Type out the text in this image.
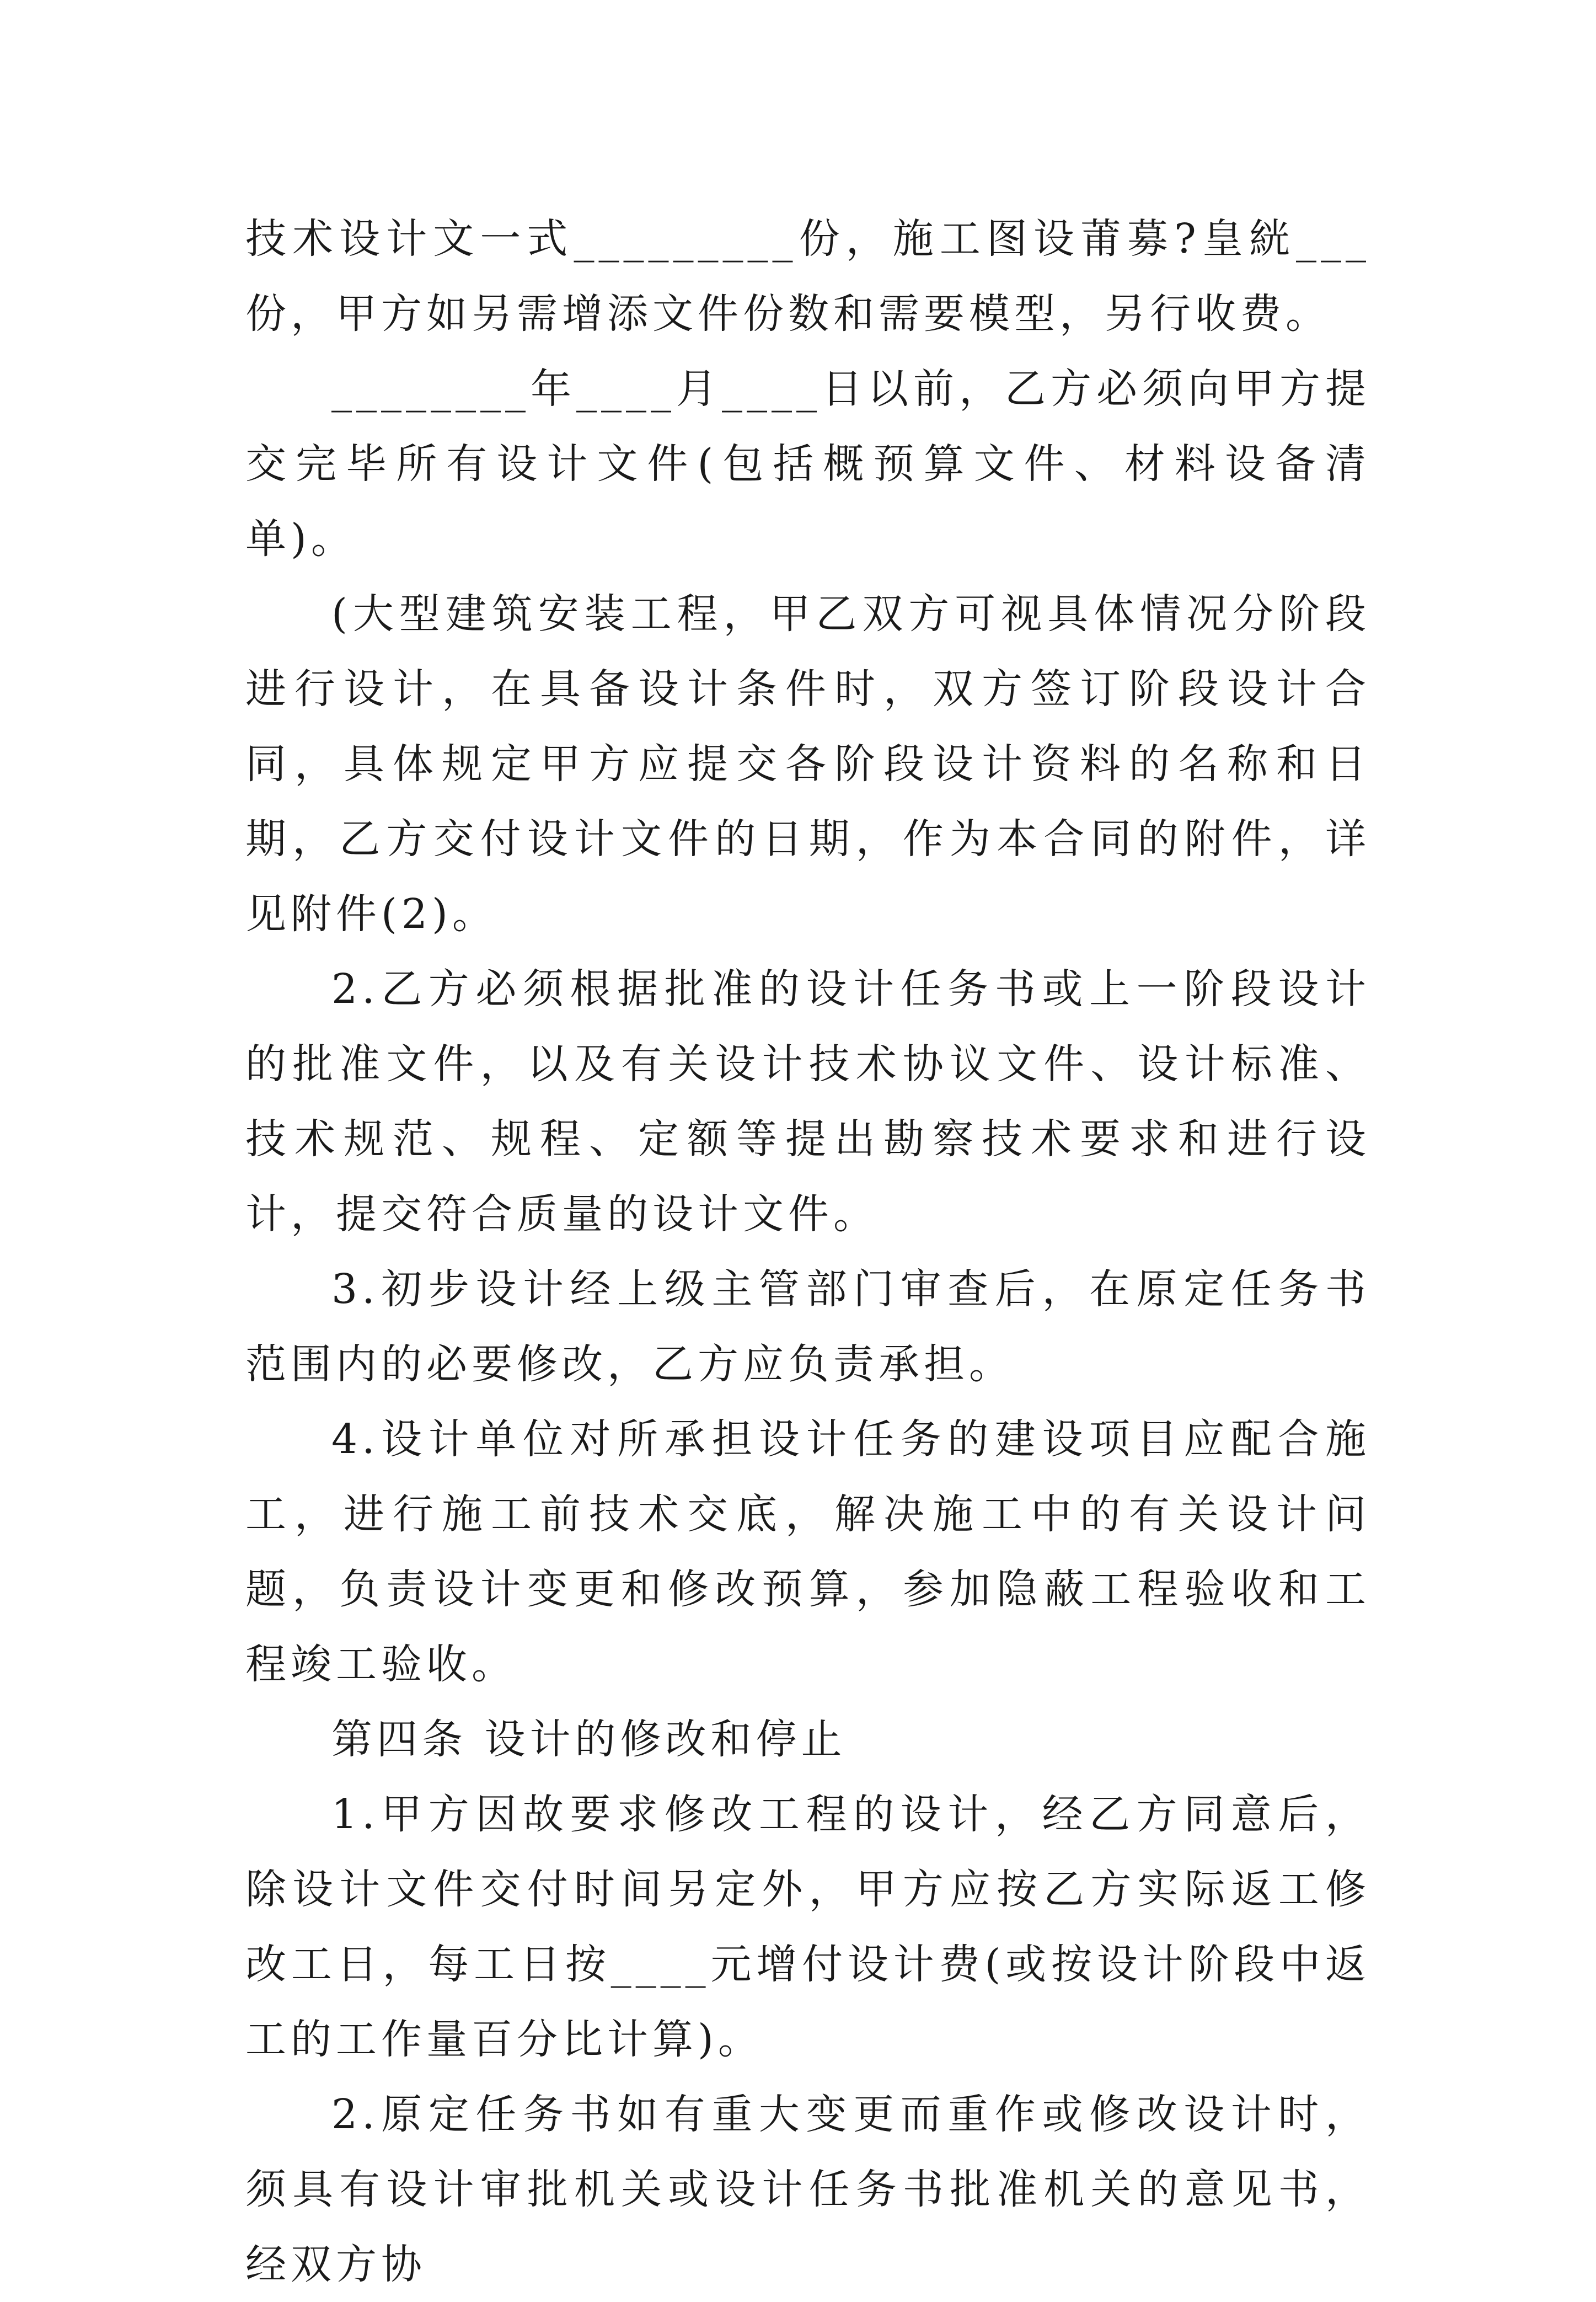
技术设计文一式_________份，施工图设莆募?皇絖___份，甲方如另需增添文件份数和需要模型，另行收费。

________年____月____日以前，乙方必须向甲方提交完毕所有设计文件(包括概预算文件、材料设备清单)。

(大型建筑安装工程，甲乙双方可视具体情况分阶段进行设计，在具备设计条件时，双方签订阶段设计合同，具体规定甲方应提交各阶段设计资料的名称和日期，乙方交付设计文件的日期，作为本合同的附件，详见附件(2)。

2.乙方必须根据批准的设计任务书或上一阶段设计的批准文件，以及有关设计技术协议文件、设计标准、技术规范、规程、定额等提出勘察技术要求和进行设计，提交符合质量的设计文件。

3.初步设计经上级主管部门审查后，在原定任务书范围内的必要修改，乙方应负责承担。

4.设计单位对所承担设计任务的建设项目应配合施工，进行施工前技术交底，解决施工中的有关设计问题，负责设计变更和修改预算，参加隐蔽工程验收和工程竣工验收。

第四条 设计的修改和停止

1.甲方因故要求修改工程的设计，经乙方同意后，除设计文件交付时间另定外，甲方应按乙方实际返工修改工日，每工日按____元增付设计费(或按设计阶段中返工的工作量百分比计算)。

2.原定任务书如有重大变更而重作或修改设计时，须具有设计审批机关或设计任务书批准机关的意见书，经双方协
